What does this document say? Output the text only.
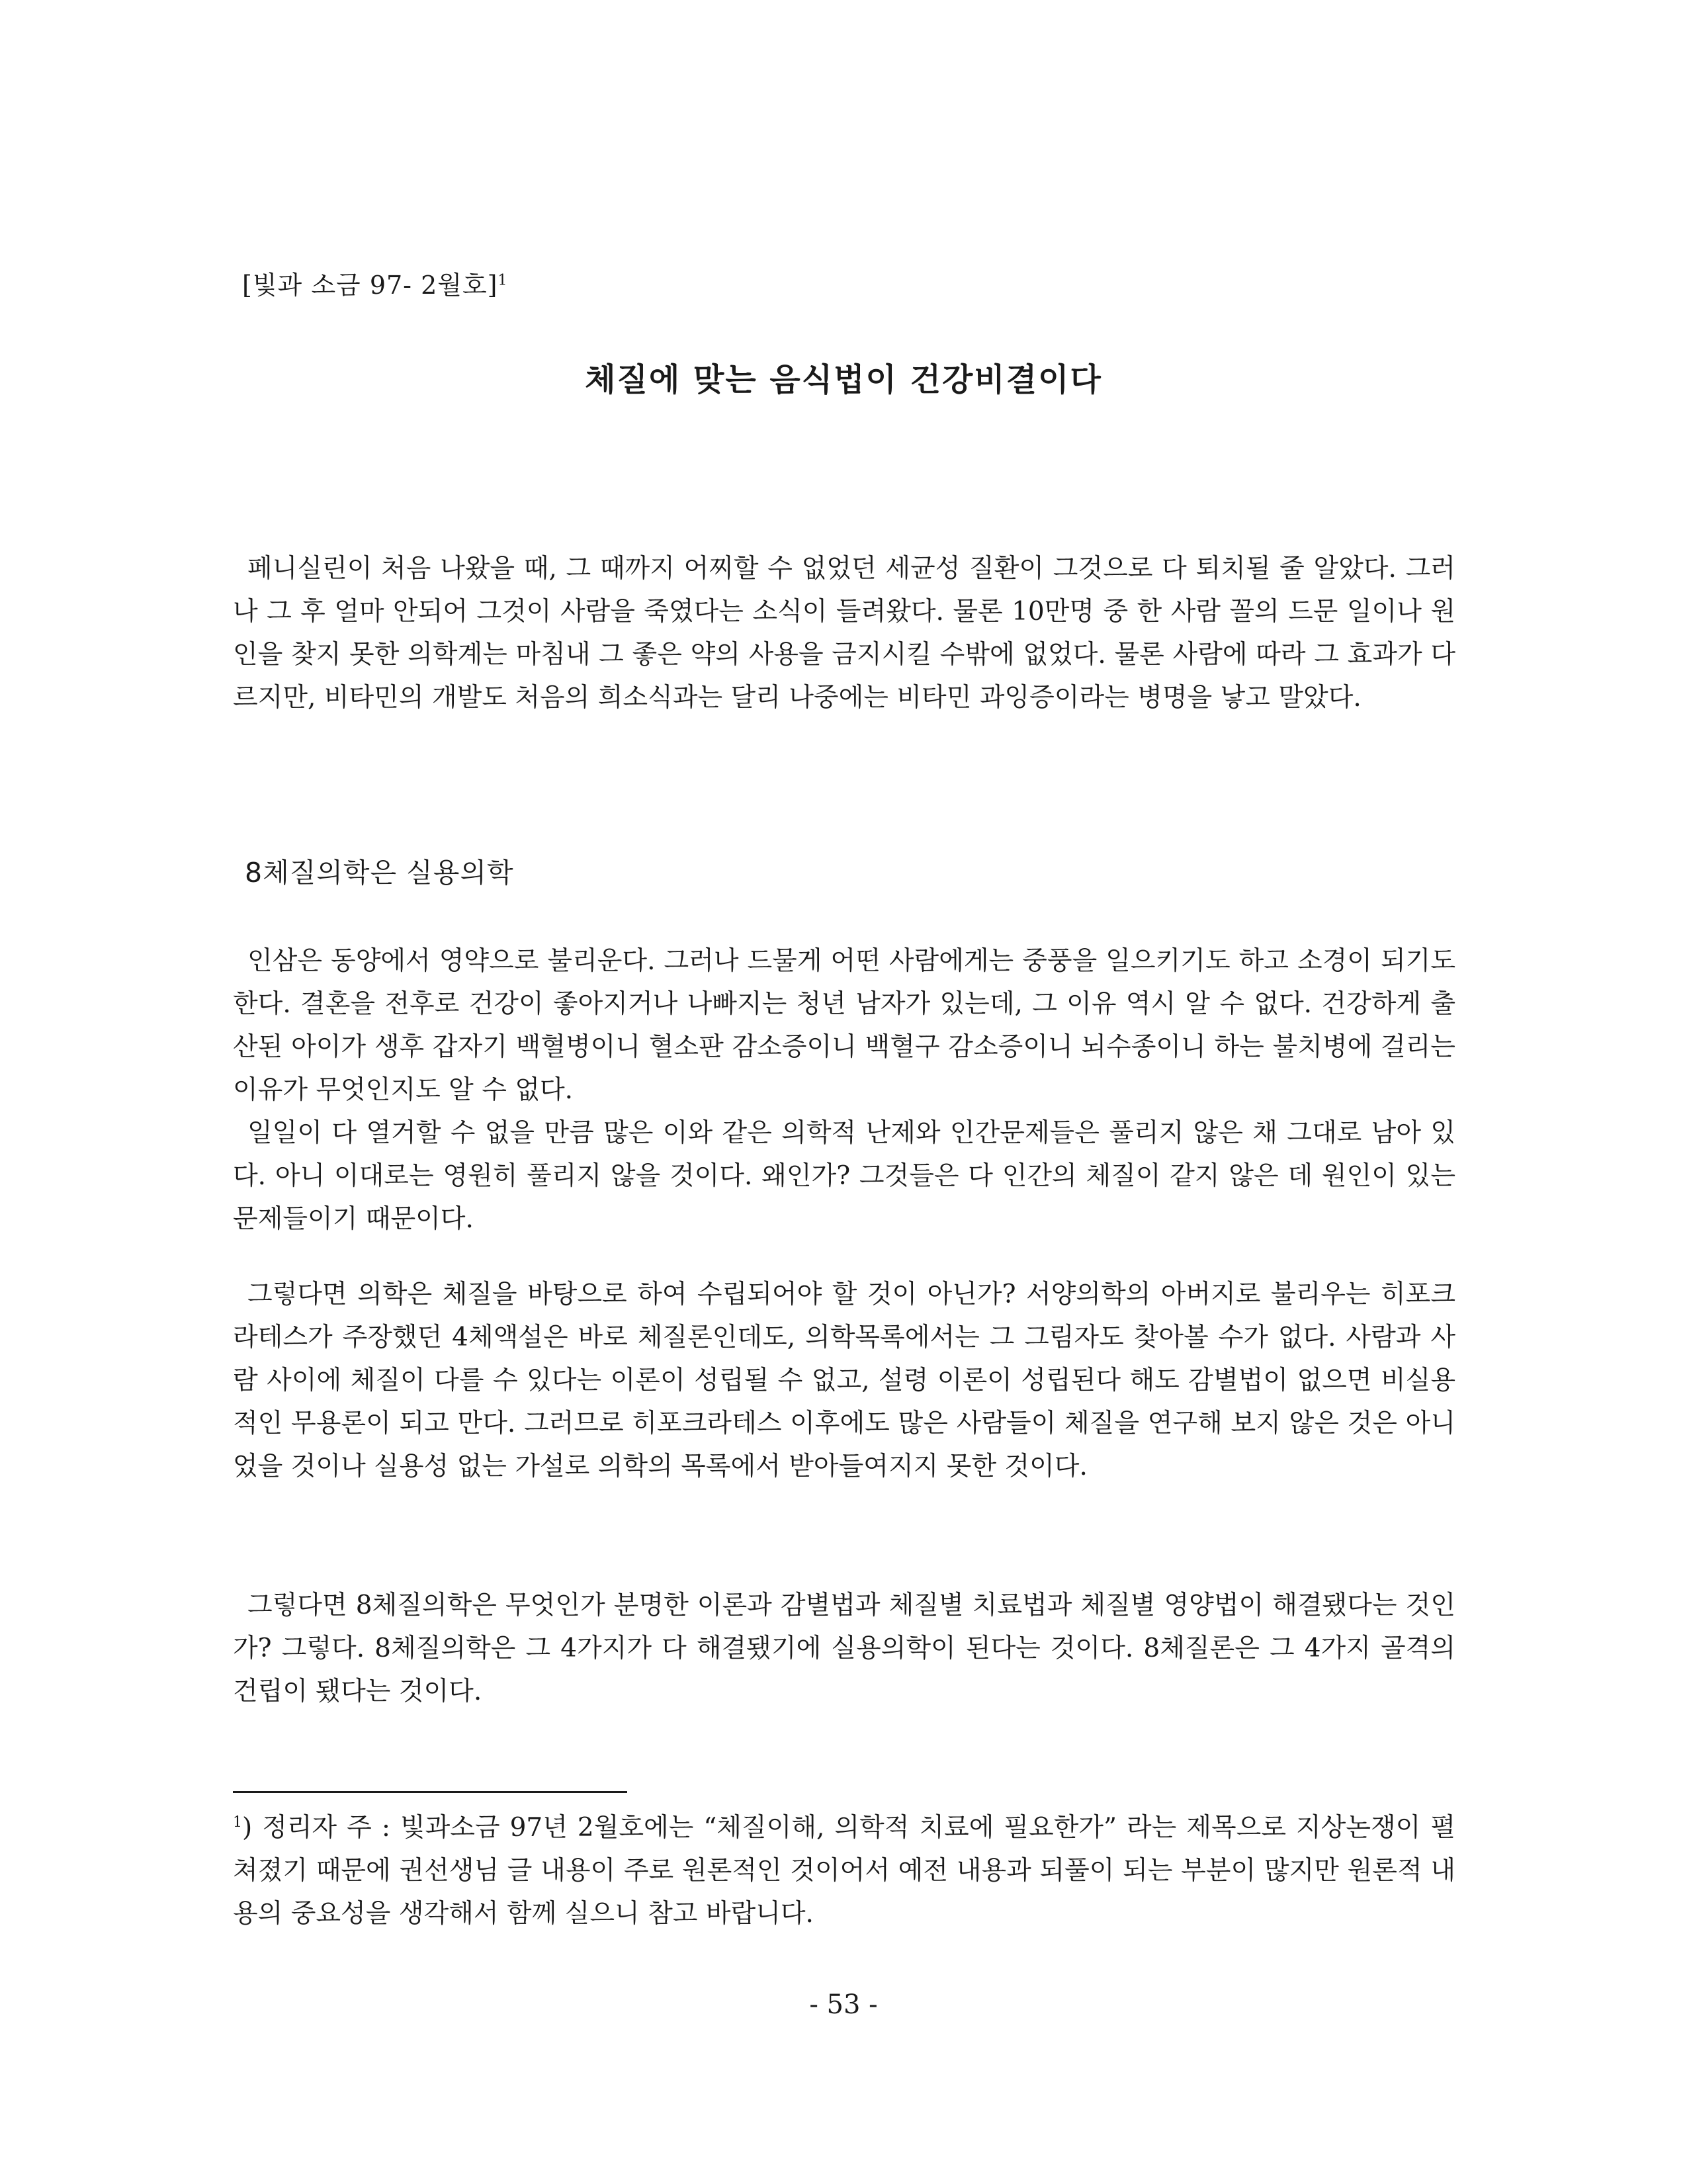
[빛과 소금 97- 2월호]$^1$
체질에 맞는 음식법이 건강비결이다

페니실린이 처음 나왔을 때, 그 때까지 어찌할 수 없었던 세균성 질환이 그것으로 다 퇴치될 줄 알았다. 그러나 그 후 얼마 안되어 그것이 사람을 죽였다는 소식이 들려왔다. 물론 10만명 중 한 사람 꼴의 드문 일이나 원인을 찾지 못한 의학계는 마침내 그 좋은 약의 사용을 금지시킬 수밖에 없었다. 물론 사람에 따라 그 효과가 다르지만, 비타민의 개발도 처음의 희소식과는 달리 나중에는 비타민 과잉증이라는 병명을 낳고 말았다.

8체질의학은 실용의학

인삼은 동양에서 영약으로 불리운다. 그러나 드물게 어떤 사람에게는 중풍을 일으키기도 하고 소경이 되기도 한다. 결혼을 전후로 건강이 좋아지거나 나빠지는 청년 남자가 있는데, 그 이유 역시 알 수 없다. 건강하게 출산된 아이가 생후 갑자기 백혈병이니 혈소판 감소증이니 백혈구 감소증이니 뇌수종이니 하는 불치병에 걸리는 이유가 무엇인지도 알 수 없다.

일일이 다 열거할 수 없을 만큼 많은 이와 같은 의학적 난제와 인간문제들은 풀리지 않은 채 그대로 남아 있다. 아니 이대로는 영원히 풀리지 않을 것이다. 왜인가? 그것들은 다 인간의 체질이 같지 않은 데 원인이 있는 문제들이기 때문이다.

그렇다면 의학은 체질을 바탕으로 하여 수립되어야 할 것이 아닌가? 서양의학의 아버지로 불리우는 히포크라테스가 주장했던 4체액설은 바로 체질론인데도, 의학목록에서는 그 그림자도 찾아볼 수가 없다. 사람과 사람 사이에 체질이 다를 수 있다는 이론이 성립될 수 없고, 설령 이론이 성립된다 해도 감별법이 없으면 비실용적인 무용론이 되고 만다. 그러므로 히포크라테스 이후에도 많은 사람들이 체질을 연구해 보지 않은 것은 아니었을 것이나 실용성 없는 가설로 의학의 목록에서 받아들여지지 못한 것이다.

그렇다면 8체질의학은 무엇인가 분명한 이론과 감별법과 체질별 치료법과 체질별 영양법이 해결됐다는 것인가? 그렇다. 8체질의학은 그 4가지가 다 해결됐기에 실용의학이 된다는 것이다. 8체질론은 그 4가지 골격의 건립이 됐다는 것이다.

$^1$) 정리자 주 : 빛과소금 97년 2월호에는 “체질이해, 의학적 치료에 필요한가” 라는 제목으로 지상논쟁이 펼쳐졌기 때문에 권선생님 글 내용이 주로 원론적인 것이어서 예전 내용과 되풀이 되는 부분이 많지만 원론적 내용의 중요성을 생각해서 함께 실으니 참고 바랍니다.
- 53 -
